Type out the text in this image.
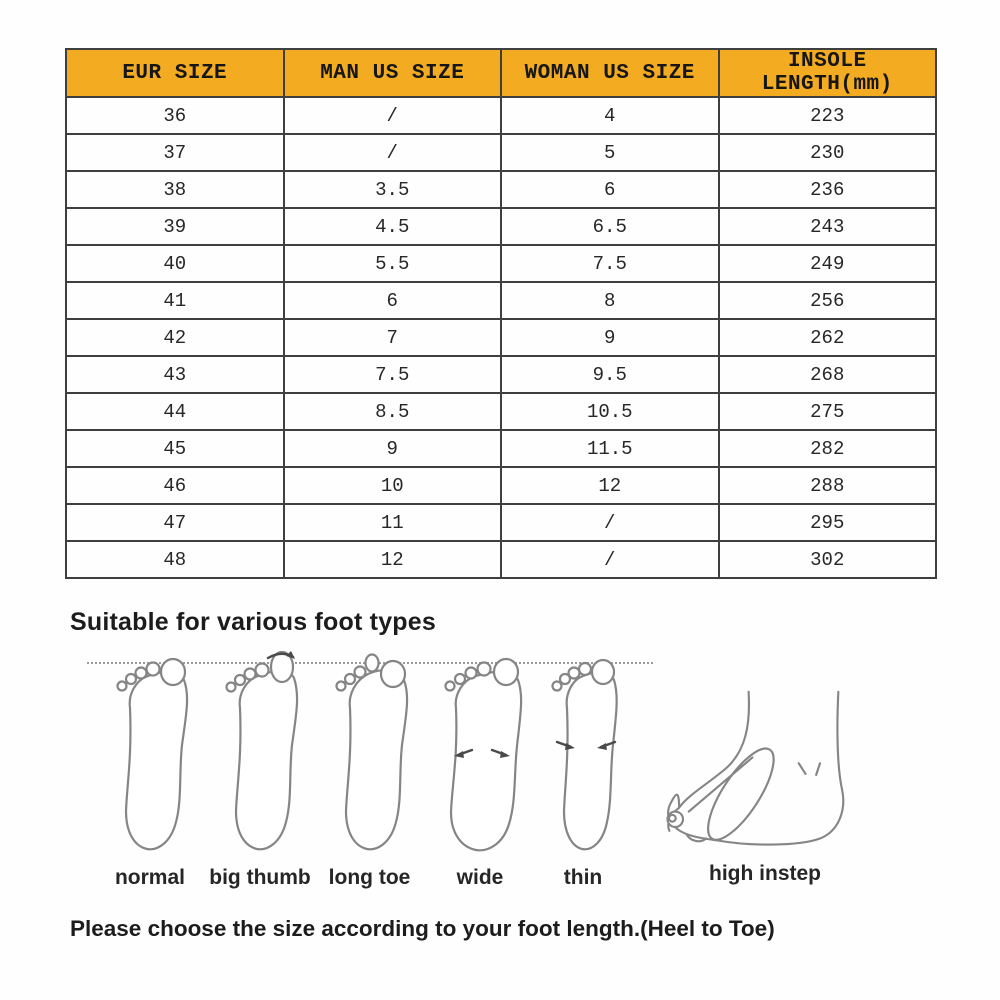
EUR SIZE	MAN US SIZE	WOMAN US SIZE	INSOLE LENGTH(mm)
36	/	4	223
37	/	5	230
38	3.5	6	236
39	4.5	6.5	243
40	5.5	7.5	249
41	6	8	256
42	7	9	262
43	7.5	9.5	268
44	8.5	10.5	275
45	9	11.5	282
46	10	12	288
47	11	/	295
48	12	/	302
Suitable for various foot types
normal big thumb long toe wide	thin	high instep

Please choose the size according to your foot length.(Heel to Toe)
